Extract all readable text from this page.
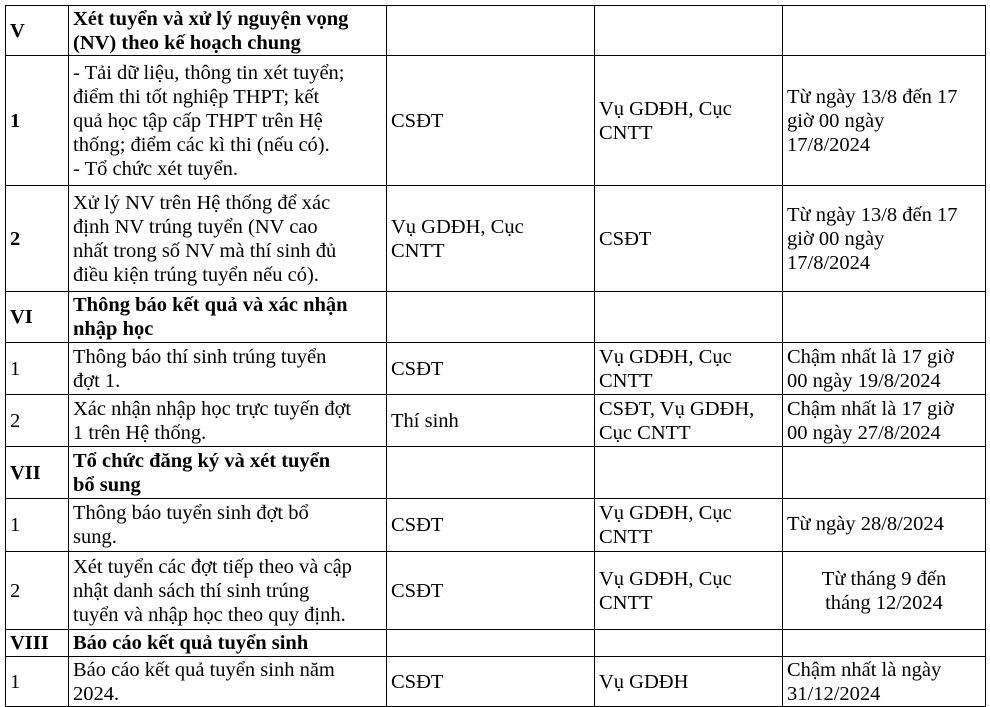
V	Xét tuyển và xử lý nguyện vọng
(NV) theo kế hoạch chung			
1	- Tải dữ liệu, thông tin xét tuyển;
điểm thi tốt nghiệp THPT; kết
quả học tập cấp THPT trên Hệ
thống; điểm các kì thi (nếu có).
- Tổ chức xét tuyển.	CSĐT	Vụ GDĐH, Cục
CNTT	Từ ngày 13/8 đến 17
giờ 00 ngày
17/8/2024
2	Xử lý NV trên Hệ thống để xác
định NV trúng tuyển (NV cao
nhất trong số NV mà thí sinh đủ
điều kiện trúng tuyển nếu có).	Vụ GDĐH, Cục
CNTT	CSĐT	Từ ngày 13/8 đến 17
giờ 00 ngày
17/8/2024
VI	Thông báo kết quả và xác nhận
nhập học			
1	Thông báo thí sinh trúng tuyển
đợt 1.	CSĐT	Vụ GDĐH, Cục
CNTT	Chậm nhất là 17 giờ
00 ngày 19/8/2024
2	Xác nhận nhập học trực tuyến đợt
1 trên Hệ thống.	Thí sinh	CSĐT, Vụ GDĐH,
Cục CNTT	Chậm nhất là 17 giờ
00 ngày 27/8/2024
VII	Tổ chức đăng ký và xét tuyển
bổ sung			
1	Thông báo tuyển sinh đợt bổ
sung.	CSĐT	Vụ GDĐH, Cục
CNTT	Từ ngày 28/8/2024
2	Xét tuyển các đợt tiếp theo và cập
nhật danh sách thí sinh trúng
tuyển và nhập học theo quy định.	CSĐT	Vụ GDĐH, Cục
CNTT	Từ tháng 9 đến
tháng 12/2024
VIII	Báo cáo kết quả tuyển sinh			
1	Báo cáo kết quả tuyển sinh năm
2024.	CSĐT	Vụ GDĐH	Chậm nhất là ngày
31/12/2024
